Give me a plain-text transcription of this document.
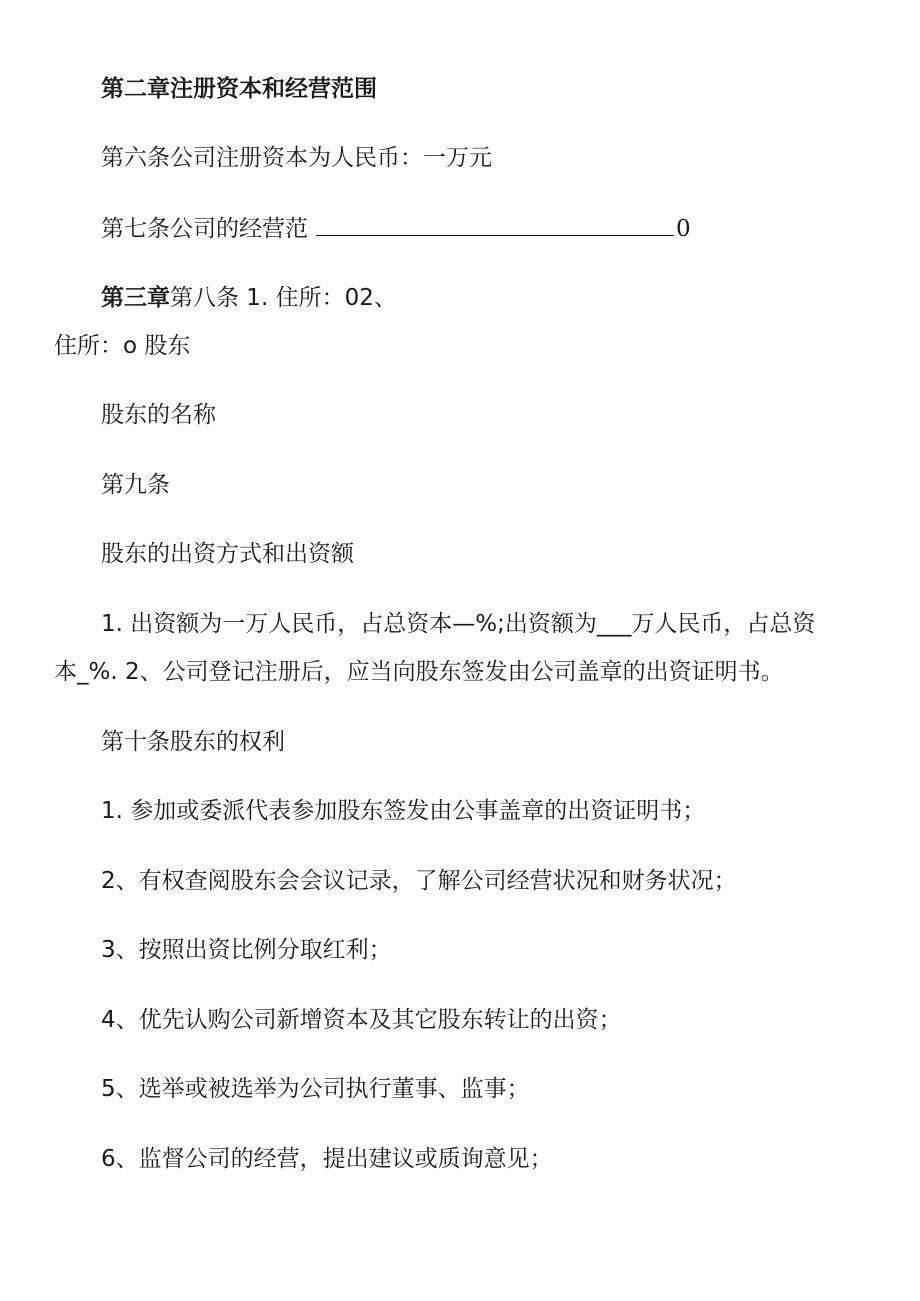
第二章注册资本和经营范围
第六条公司注册资本为人民币：一万元
第七条公司的经营范	0
第三章第八条 1. 住所：02、
住所：o 股东
股东的名称
第九条
股东的出资方式和出资额
1. 出资额为一万人民币，占总资本—%;出资额为___万人民币，占总资
本_%. 2、公司登记注册后，应当向股东签发由公司盖章的出资证明书。
第十条股东的权利
1. 参加或委派代表参加股东签发由公事盖章的出资证明书；
2、有权查阅股东会会议记录，了解公司经营状况和财务状况；
3、按照出资比例分取红利；
4、优先认购公司新增资本及其它股东转让的出资；
5、选举或被选举为公司执行董事、监事；
6、监督公司的经营，提出建议或质询意见；
